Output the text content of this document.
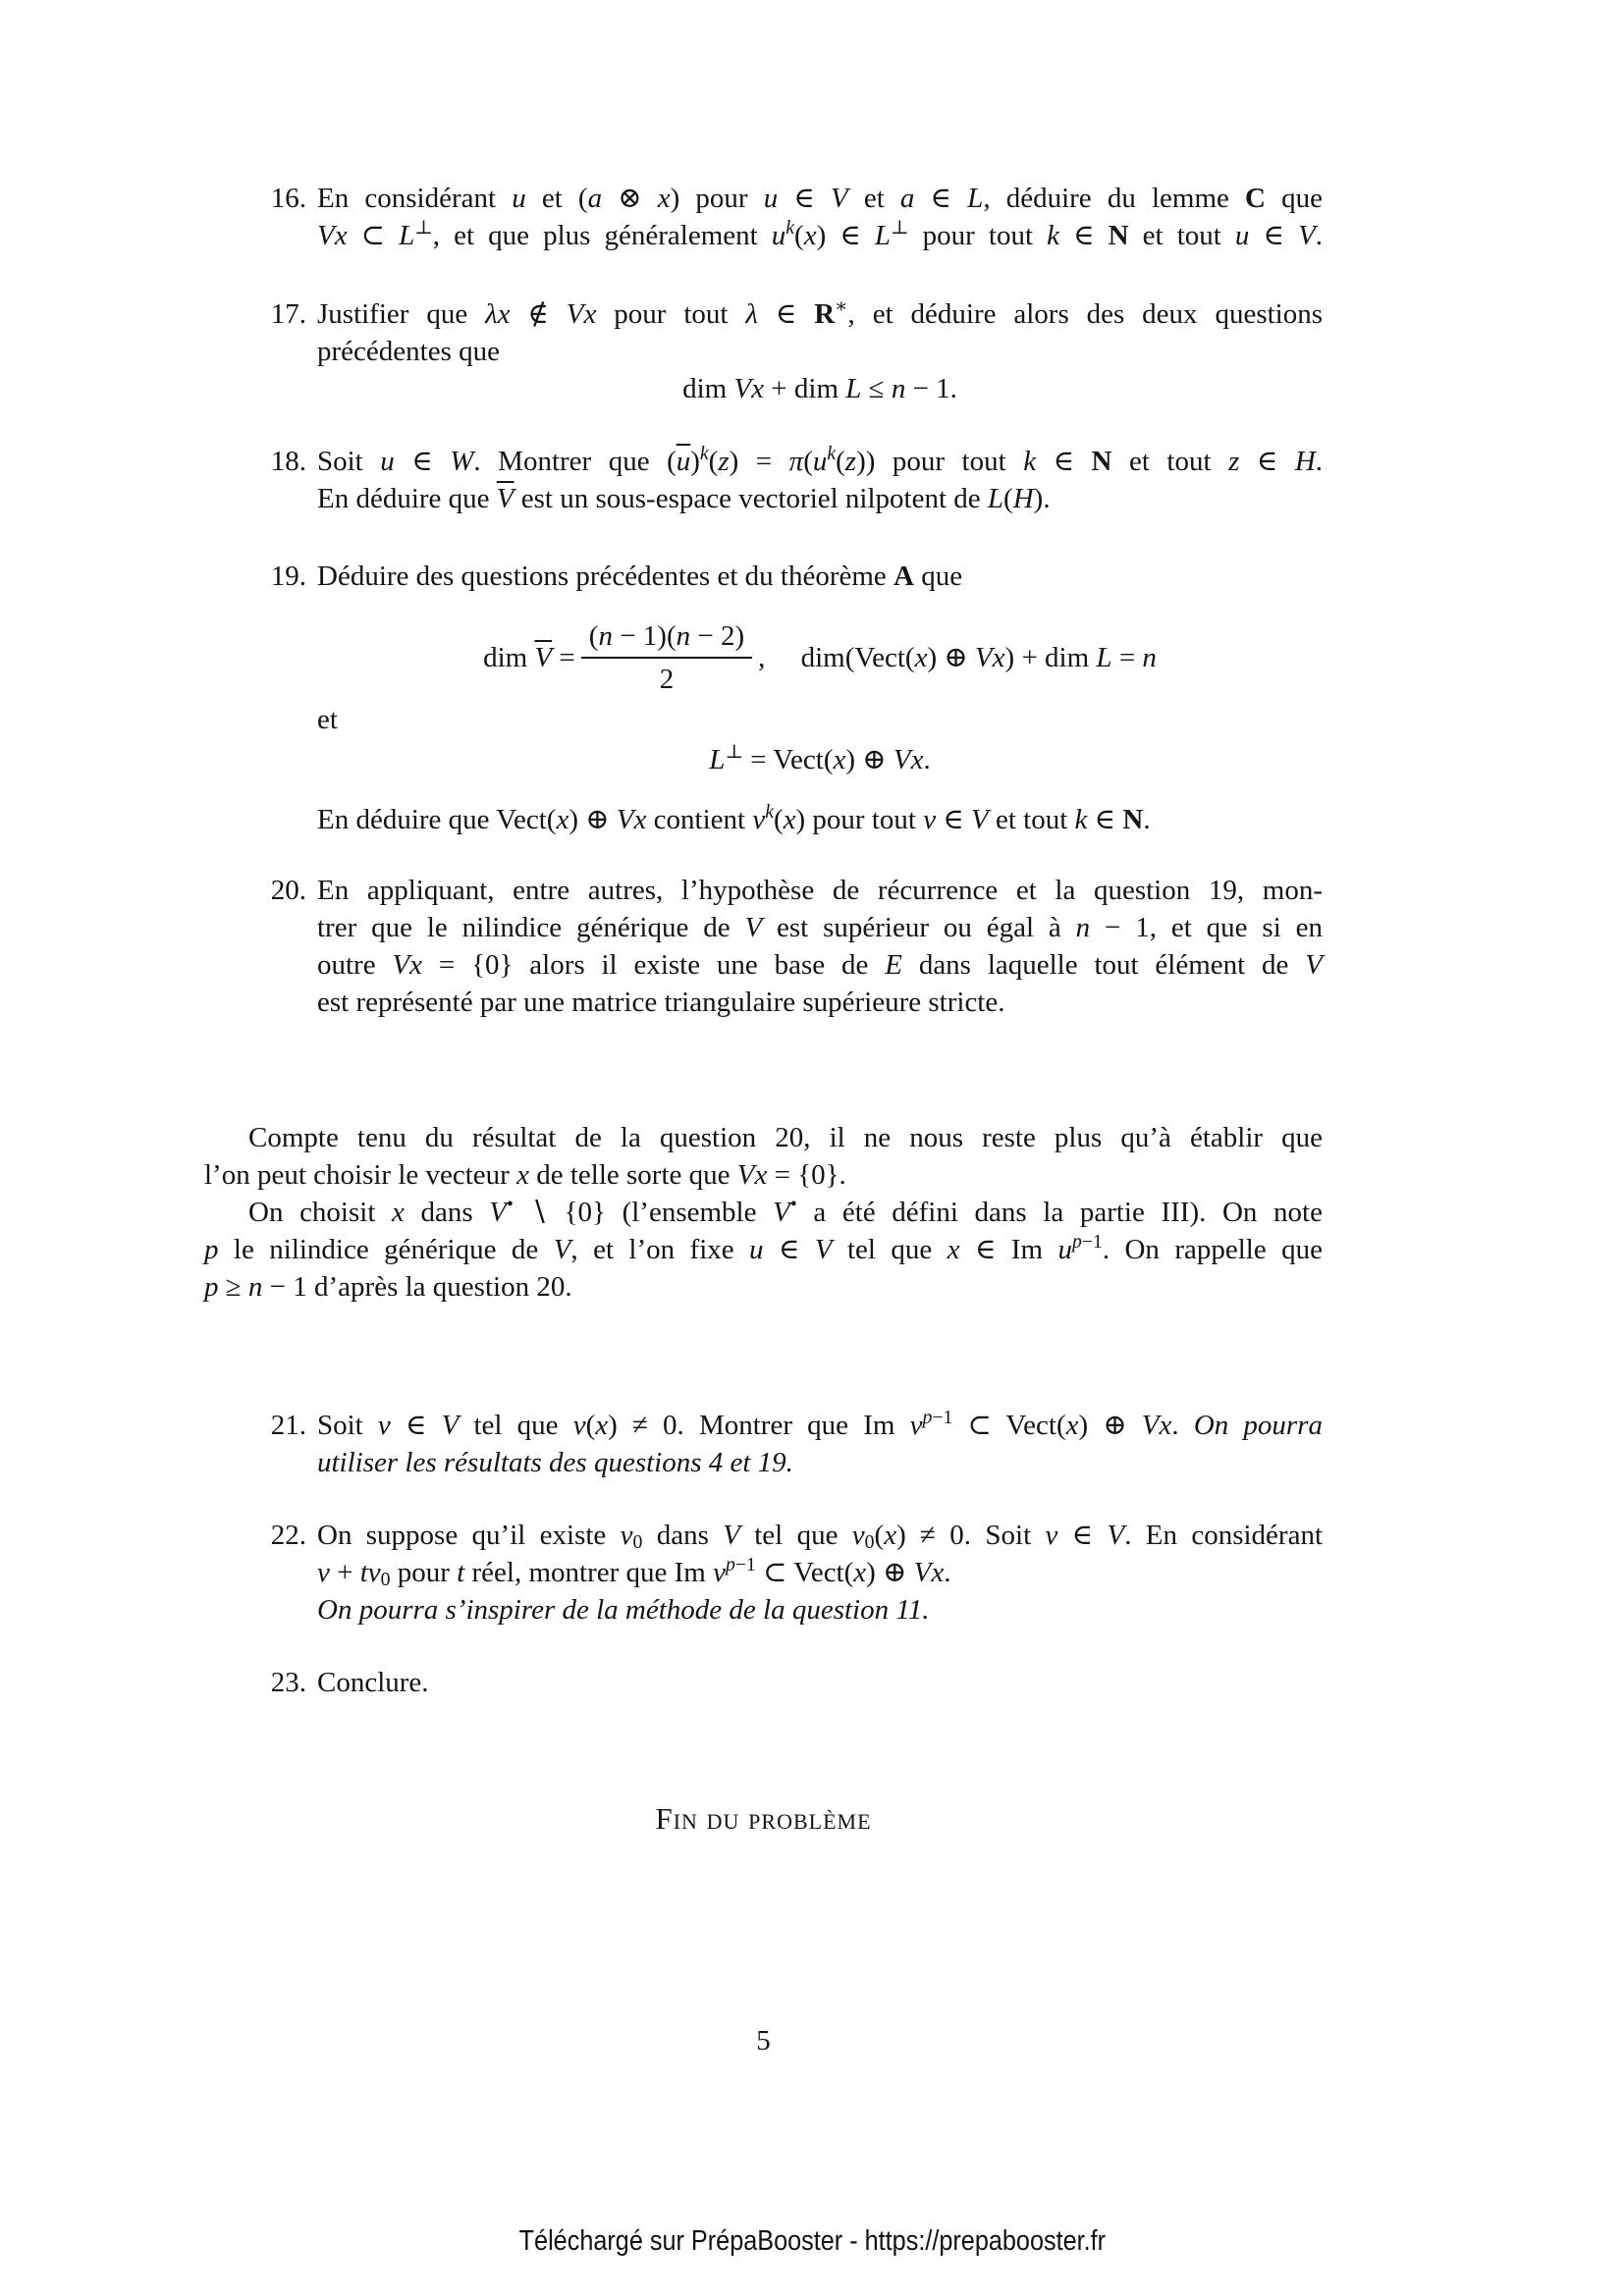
16. En considérant u et (a ⊗ x) pour u ∈ V et a ∈ L, déduire du lemme C que
Vx ⊂ L⊥, et que plus généralement $u^k(x)$ ∈ L⊥ pour tout k ∈ N et tout u ∈ V.
17. Justifier que λx ∉ Vx pour tout λ ∈ R∗, et déduire alors des deux questions
précédentes que
dim Vx + dim L ≤ n − 1.
18. Soit u ∈ W. Montrer que $(\overline{u})^k(z) = \pi(u^k(z))$ pour tout k ∈ N et tout z ∈ H.
En déduire que $\overline{V}$ est un sous-espace vectoriel nilpotent de L(H).
19. Déduire des questions précédentes et du théorème A que
dim $\overline{V} = \frac{(n - 1)(n - 2)}{2}$ ,  dim(Vect(x) ⊕ Vx) + dim L = n
et
L⊥ = Vect(x) ⊕ Vx.
En déduire que Vect(x) ⊕ Vx contient $v^k(x)$ pour tout v ∈ V et tout k ∈ N.
20. En appliquant, entre autres, l’hypothèse de récurrence et la question 19, mon-
trer que le nilindice générique de V est supérieur ou égal à n − 1, et que si en
outre Vx = {0} alors il existe une base de E dans laquelle tout élément de V
est représenté par une matrice triangulaire supérieure stricte.
Compte tenu du résultat de la question 20, il ne nous reste plus qu’à établir que
l’on peut choisir le vecteur x de telle sorte que Vx = {0}.
On choisit x dans V• ∖ {0} (l’ensemble V• a été défini dans la partie III). On note
p le nilindice générique de V, et l’on fixe u ∈ V tel que x ∈ Im $u^{p-1}$. On rappelle que
p ≥ n − 1 d’après la question 20.
21. Soit v ∈ V tel que v(x) ≠ 0. Montrer que Im $v^{p-1}$ ⊂ Vect(x) ⊕ Vx. On pourra
utiliser les résultats des questions 4 et 19.
22. On suppose qu’il existe $v_0$ dans V tel que $v_0(x) \ne 0$. Soit v ∈ V. En considérant
$v + tv_0$ pour t réel, montrer que Im $v^{p-1}$ ⊂ Vect(x) ⊕ Vx.
On pourra s’inspirer de la méthode de la question 11.
23. Conclure.
Fin du problème
5
Téléchargé sur PrépaBooster - https://prepabooster.fr
